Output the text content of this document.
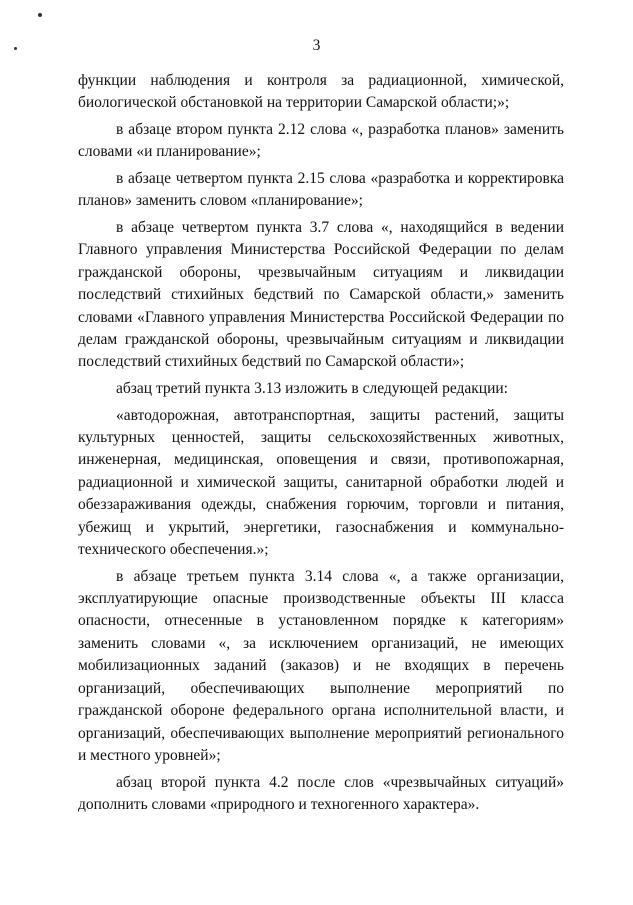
3

функции наблюдения и контроля за радиационной, химической, биологической обстановкой на территории Самарской области;»;

в абзаце втором пункта 2.12 слова «, разработка планов» заменить словами «и планирование»;

в абзаце четвертом пункта 2.15 слова «разработка и корректировка планов» заменить словом «планирование»;

в абзаце четвертом пункта 3.7 слова «, находящийся в ведении Главного управления Министерства Российской Федерации по делам гражданской обороны, чрезвычайным ситуациям и ликвидации последствий стихийных бедствий по Самарской области,» заменить словами «Главного управления Министерства Российской Федерации по делам гражданской обороны, чрезвычайным ситуациям и ликвидации последствий стихийных бедствий по Самарской области»;

абзац третий пункта 3.13 изложить в следующей редакции:

«автодорожная, автотранспортная, защиты растений, защиты культурных ценностей, защиты сельскохозяйственных животных, инженерная, медицинская, оповещения и связи, противопожарная, радиационной и химической защиты, санитарной обработки людей и обеззараживания одежды, снабжения горючим, торговли и питания, убежищ и укрытий, энергетики, газоснабжения и коммунально-технического обеспечения.»;

в абзаце третьем пункта 3.14 слова «, а также организации, эксплуатирующие опасные производственные объекты III класса опасности, отнесенные в установленном порядке к категориям» заменить словами «, за исключением организаций, не имеющих мобилизационных заданий (заказов) и не входящих в перечень организаций, обеспечивающих выполнение мероприятий по гражданской обороне федерального органа исполнительной власти, и организаций, обеспечивающих выполнение мероприятий регионального и местного уровней»;

абзац второй пункта 4.2 после слов «чрезвычайных ситуаций» дополнить словами «природного и техногенного характера».
